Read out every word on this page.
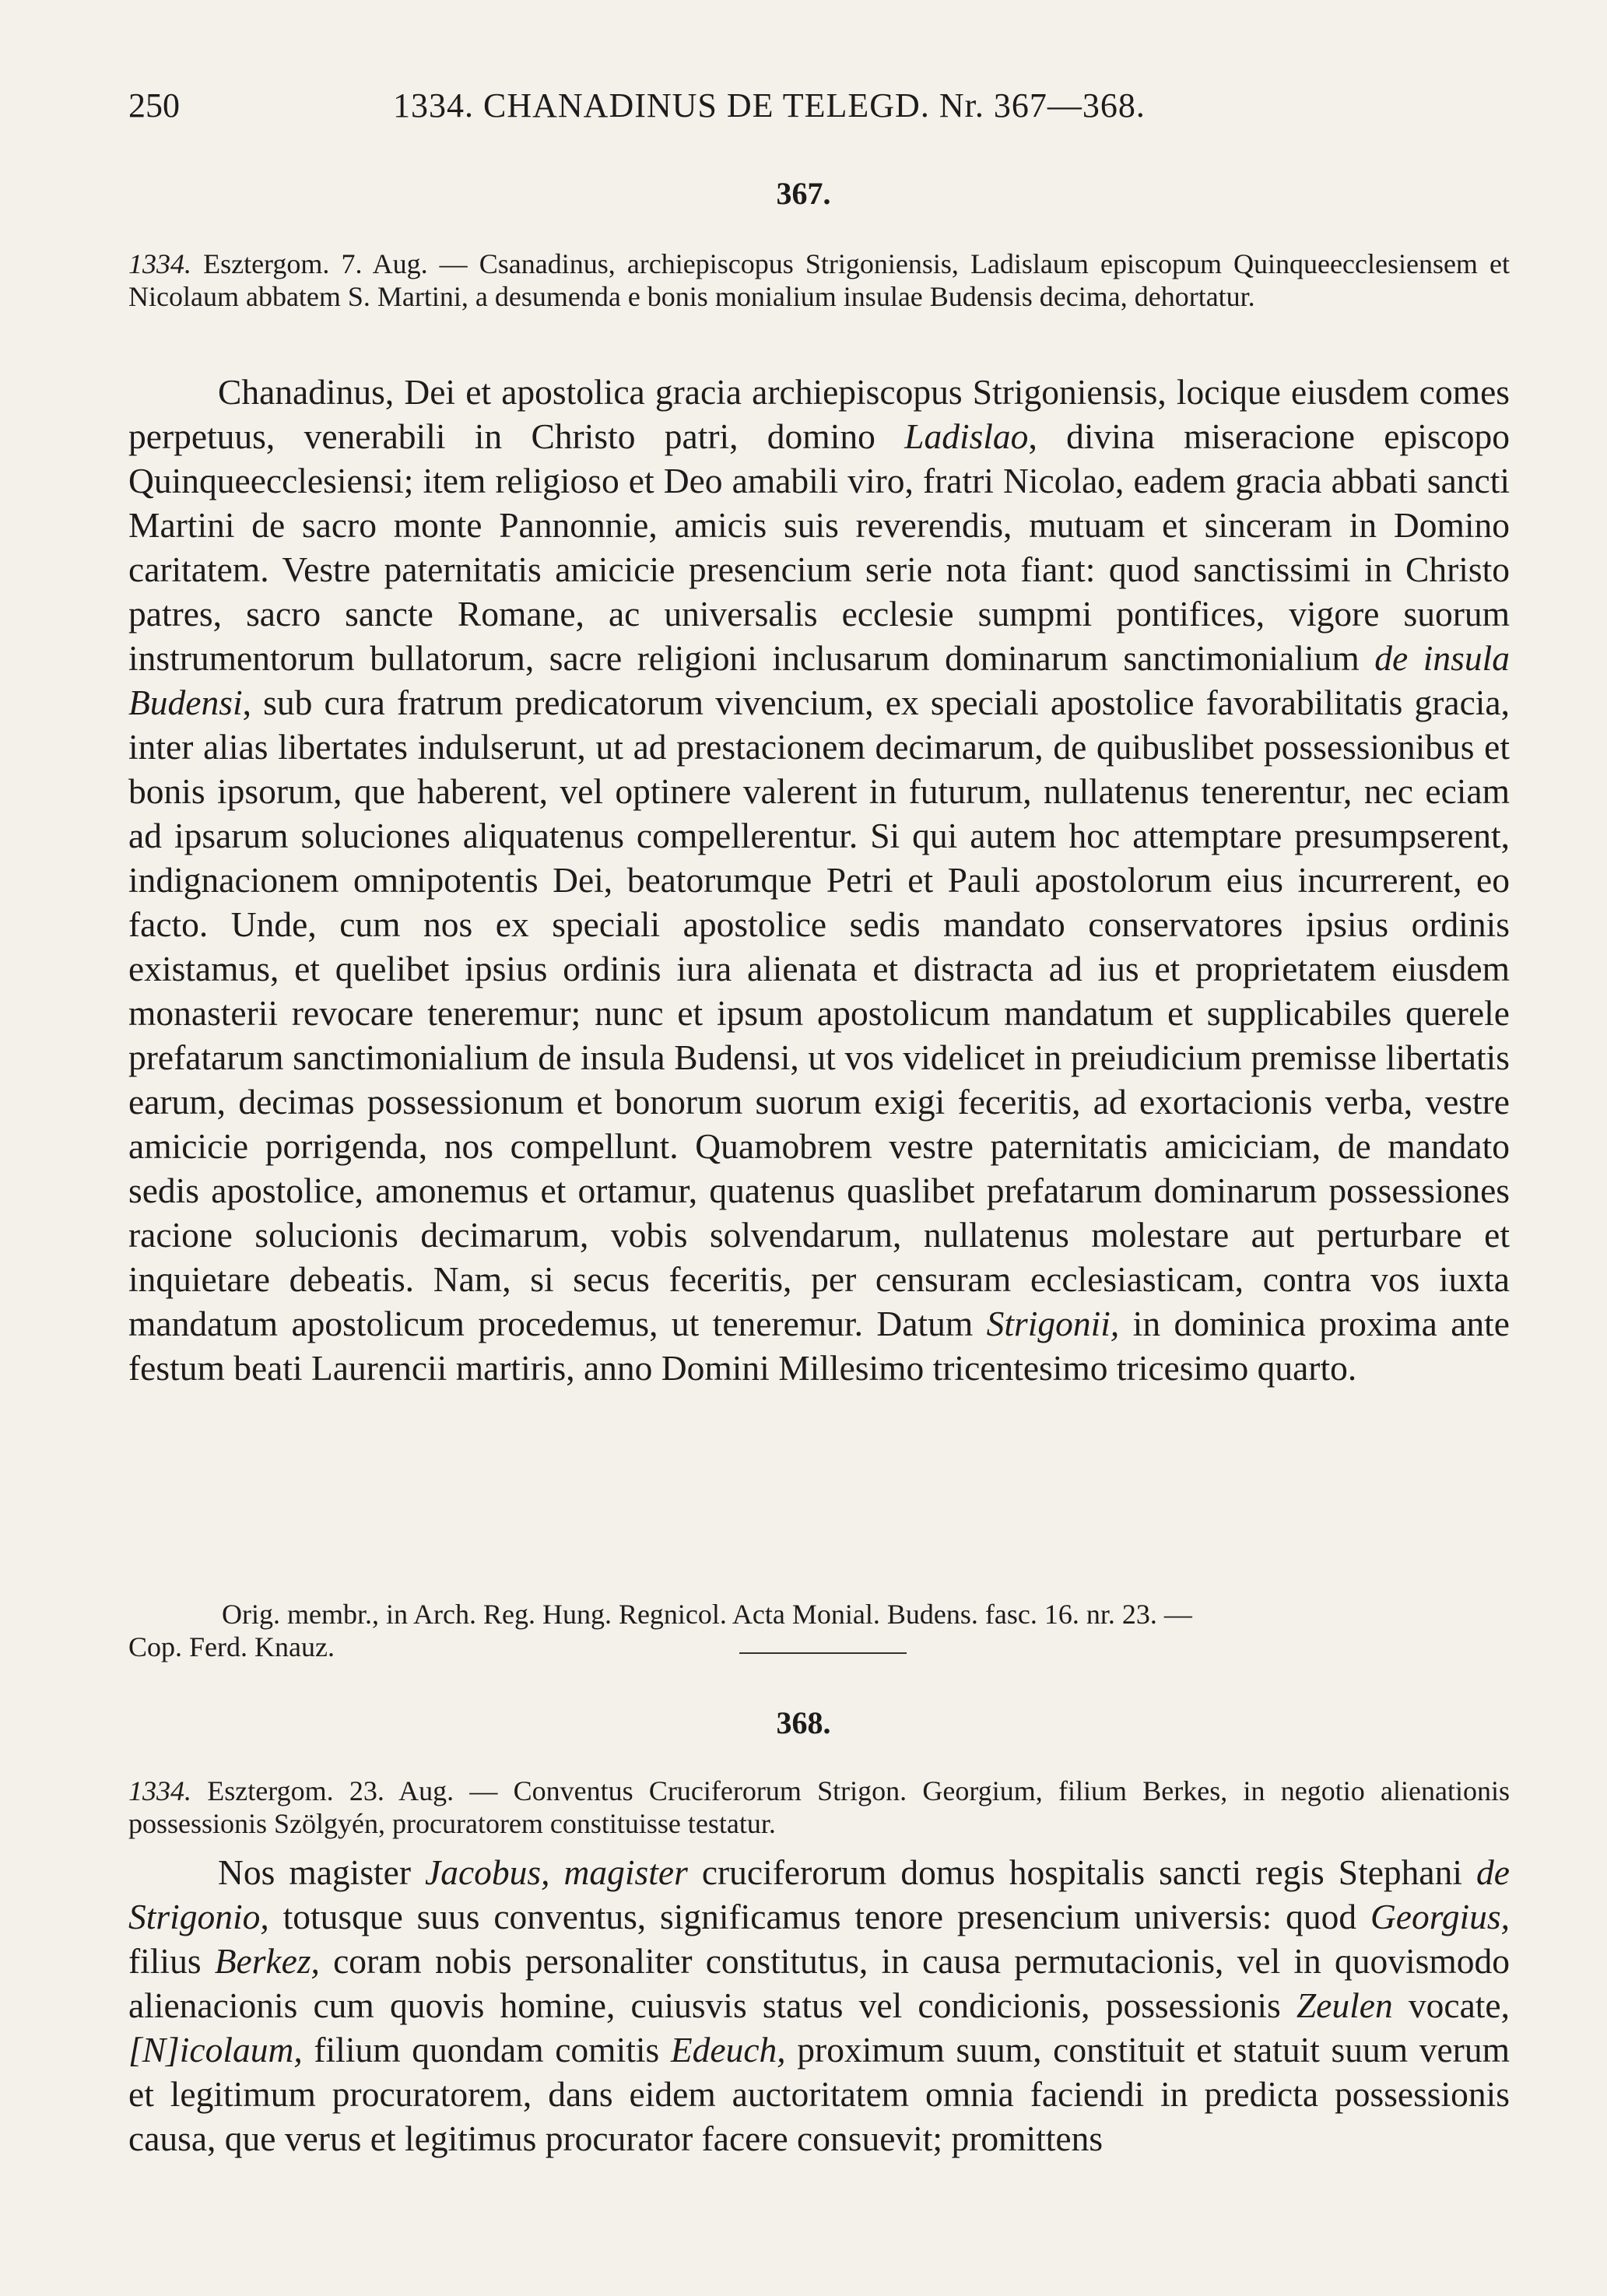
250	1334. CHANADINUS DE TELEGD. Nr. 367—368.
367.
1334. Esztergom. 7. Aug. — Csanadinus, archiepiscopus Strigoniensis, Ladislaum episcopum Quinqueecclesiensem et Nicolaum abbatem S. Martini, a desumenda e bonis monialium insulae Budensis decima, dehortatur.

Chanadinus, Dei et apostolica gracia archiepiscopus Strigoniensis, locique eiusdem comes perpetuus, venerabili in Christo patri, domino Ladislao, divina miseracione episcopo Quinqueecclesiensi; item religioso et Deo amabili viro, fratri Nicolao, eadem gracia abbati sancti Martini de sacro monte Pannonnie, amicis suis reverendis, mutuam et sinceram in Domino caritatem. Vestre paternitatis amicicie presencium serie nota fiant: quod sanctissimi in Christo patres, sacro sancte Romane, ac universalis ecclesie sumpmi pontifices, vigore suorum instrumentorum bullatorum, sacre religioni inclusarum dominarum sanctimonialium de insula Budensi, sub cura fratrum predicatorum vivencium, ex speciali apostolice favorabilitatis gracia, inter alias libertates indulserunt, ut ad prestacionem decimarum, de quibuslibet possessionibus et bonis ipsorum, que haberent, vel optinere valerent in futurum, nullatenus tenerentur, nec eciam ad ipsarum soluciones aliquatenus compellerentur. Si qui autem hoc attemptare presumpserent, indignacionem omnipotentis Dei, beatorumque Petri et Pauli apostolorum eius incurrerent, eo facto. Unde, cum nos ex speciali apostolice sedis mandato conservatores ipsius ordinis existamus, et quelibet ipsius ordinis iura alienata et distracta ad ius et proprietatem eiusdem monasterii revocare teneremur; nunc et ipsum apostolicum mandatum et supplicabiles querele prefatarum sanctimonialium de insula Budensi, ut vos videlicet in preiudicium premisse libertatis earum, decimas possessionum et bonorum suorum exigi feceritis, ad exortacionis verba, vestre amicicie porrigenda, nos compellunt. Quamobrem vestre paternitatis amiciciam, de mandato sedis apostolice, amonemus et ortamur, quatenus quaslibet prefatarum dominarum possessiones racione solucionis decimarum, vobis solvendarum, nullatenus molestare aut perturbare et inquietare debeatis. Nam, si secus feceritis, per censuram ecclesiasticam, contra vos iuxta mandatum apostolicum procedemus, ut teneremur. Datum Strigonii, in dominica proxima ante festum beati Laurencii martiris, anno Domini Millesimo tricentesimo tricesimo quarto.

Orig. membr., in Arch. Reg. Hung. Regnicol. Acta Monial. Budens. fasc. 16. nr. 23. —
Cop. Ferd. Knauz.
368.
1334. Esztergom. 23. Aug. — Conventus Cruciferorum Strigon. Georgium, filium Berkes, in negotio alienationis possessionis Szölgyén, procuratorem constituisse testatur.

Nos magister Jacobus, magister cruciferorum domus hospitalis sancti regis Stephani de Strigonio, totusque suus conventus, significamus tenore presencium universis: quod Georgius, filius Berkez, coram nobis personaliter constitutus, in causa permutacionis, vel in quovismodo alienacionis cum quovis homine, cuiusvis status vel condicionis, possessionis Zeulen vocate, [N]icolaum, filium quondam comitis Edeuch, proximum suum, constituit et statuit suum verum et legitimum procuratorem, dans eidem auctoritatem omnia faciendi in predicta possessionis causa, que verus et legitimus procurator facere consuevit; promittens
